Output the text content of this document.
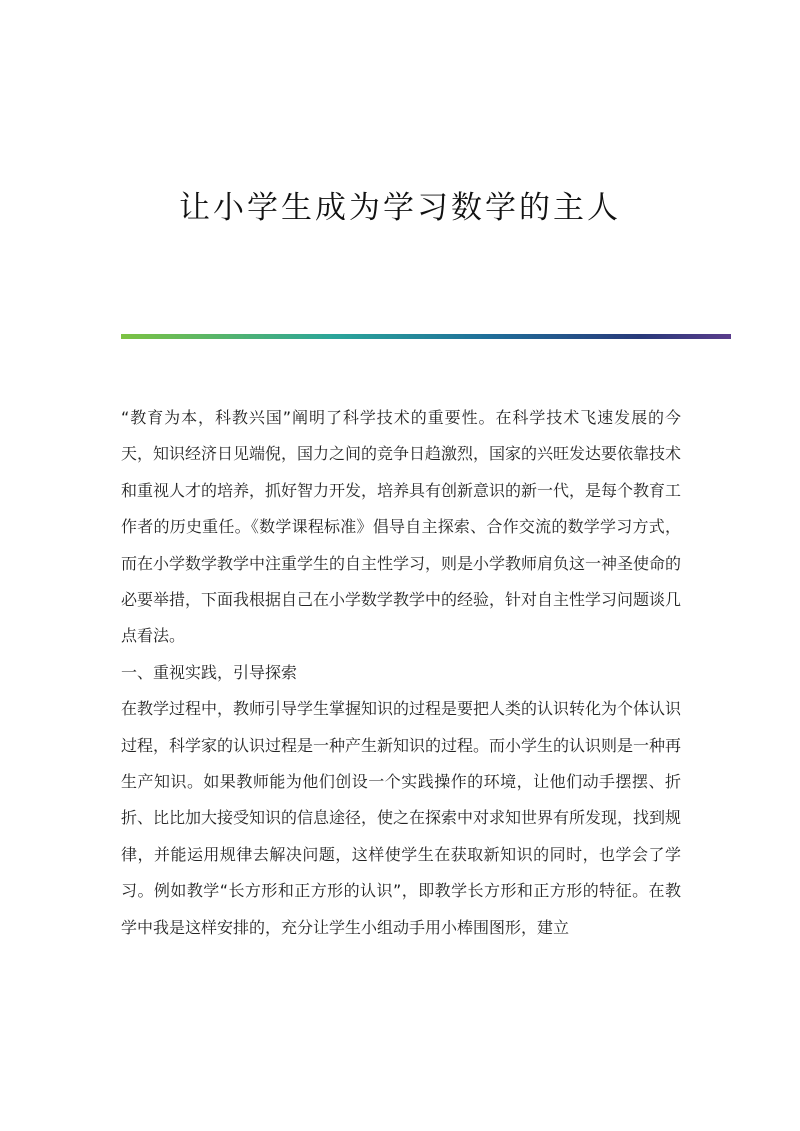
让小学生成为学习数学的主人

“教育为本，科教兴国”阐明了科学技术的重要性。在科学技术飞速发展的今天，知识经济日见端倪，国力之间的竞争日趋激烈，国家的兴旺发达要依靠技术和重视人才的培养，抓好智力开发，培养具有创新意识的新一代，是每个教育工作者的历史重任。《数学课程标准》倡导自主探索、合作交流的数学学习方式，而在小学数学教学中注重学生的自主性学习，则是小学教师肩负这一神圣使命的必要举措，下面我根据自己在小学数学教学中的经验，针对自主性学习问题谈几点看法。

一、重视实践，引导探索

在教学过程中，教师引导学生掌握知识的过程是要把人类的认识转化为个体认识过程，科学家的认识过程是一种产生新知识的过程。而小学生的认识则是一种再生产知识。如果教师能为他们创设一个实践操作的环境，让他们动手摆摆、折折、比比加大接受知识的信息途径，使之在探索中对求知世界有所发现，找到规律，并能运用规律去解决问题，这样使学生在获取新知识的同时，也学会了学习。例如教学“长方形和正方形的认识”，即教学长方形和正方形的特征。在教学中我是这样安排的，充分让学生小组动手用小棒围图形，建立
